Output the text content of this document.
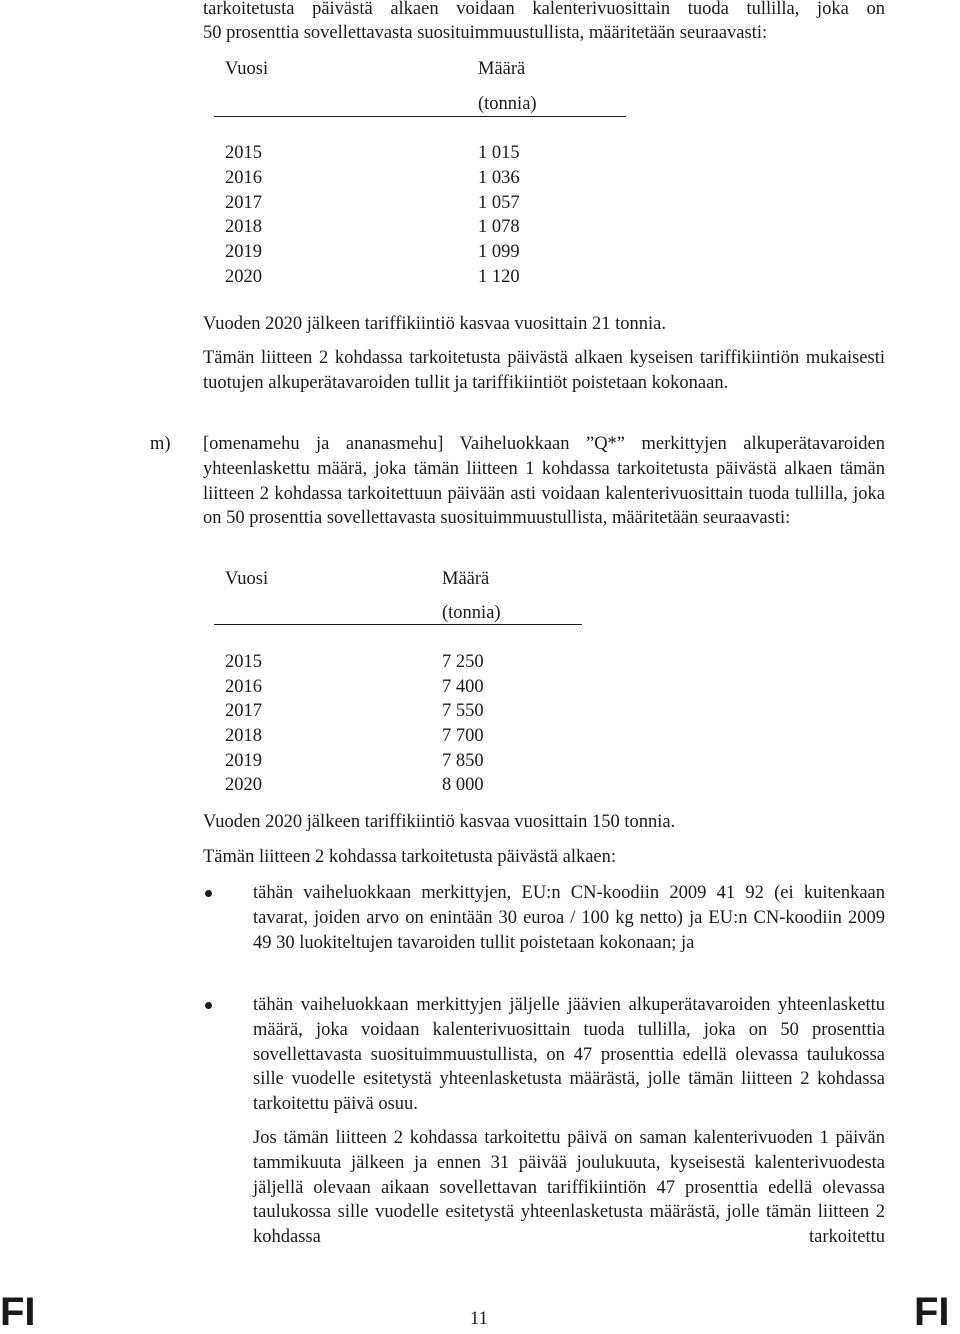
tarkoitetusta päivästä alkaen voidaan kalenterivuosittain tuoda tullilla, joka on
50 prosenttia sovellettavasta suosituimmuustullista, määritetään seuraavasti:
Vuosi	Määrä
(tonnia)
2015	1 015
2016	1 036
2017	1 057
2018	1 078
2019	1 099
2020	1 120
Vuoden 2020 jälkeen tariffikiintiö kasvaa vuosittain 21 tonnia.
Tämän liitteen 2 kohdassa tarkoitetusta päivästä alkaen kyseisen tariffikiintiön mukaisesti tuotujen alkuperätavaroiden tullit ja tariffikiintiöt poistetaan kokonaan.
m) [omenamehu ja ananasmehu] Vaiheluokkaan ”Q*” merkittyjen alkuperätavaroiden yhteenlaskettu määrä, joka tämän liitteen 1 kohdassa tarkoitetusta päivästä alkaen tämän liitteen 2 kohdassa tarkoitettuun päivään asti voidaan kalenterivuosittain tuoda tullilla, joka on 50 prosenttia sovellettavasta suosituimmuustullista, määritetään seuraavasti:
Vuosi	Määrä
(tonnia)
2015	7 250
2016	7 400
2017	7 550
2018	7 700
2019	7 850
2020	8 000
Vuoden 2020 jälkeen tariffikiintiö kasvaa vuosittain 150 tonnia.
Tämän liitteen 2 kohdassa tarkoitetusta päivästä alkaen:
tähän vaiheluokkaan merkittyjen, EU:n CN-koodiin 2009 41 92 (ei kuitenkaan tavarat, joiden arvo on enintään 30 euroa / 100 kg netto) ja EU:n CN-koodiin 2009 49 30 luokiteltujen tavaroiden tullit poistetaan kokonaan; ja
tähän vaiheluokkaan merkittyjen jäljelle jäävien alkuperätavaroiden yhteenlaskettu määrä, joka voidaan kalenterivuosittain tuoda tullilla, joka on 50 prosenttia sovellettavasta suosituimmuustullista, on 47 prosenttia edellä olevassa taulukossa sille vuodelle esitetystä yhteenlasketusta määrästä, jolle tämän liitteen 2 kohdassa tarkoitettu päivä osuu.
Jos tämän liitteen 2 kohdassa tarkoitettu päivä on saman kalenterivuoden 1 päivän tammikuuta jälkeen ja ennen 31 päivää joulukuuta, kyseisestä kalenterivuodesta jäljellä olevaan aikaan sovellettavan tariffikiintiön 47 prosenttia edellä olevassa taulukossa sille vuodelle esitetystä yhteenlasketusta määrästä, jolle tämän liitteen 2 kohdassa tarkoitettu
FI	11	FI
